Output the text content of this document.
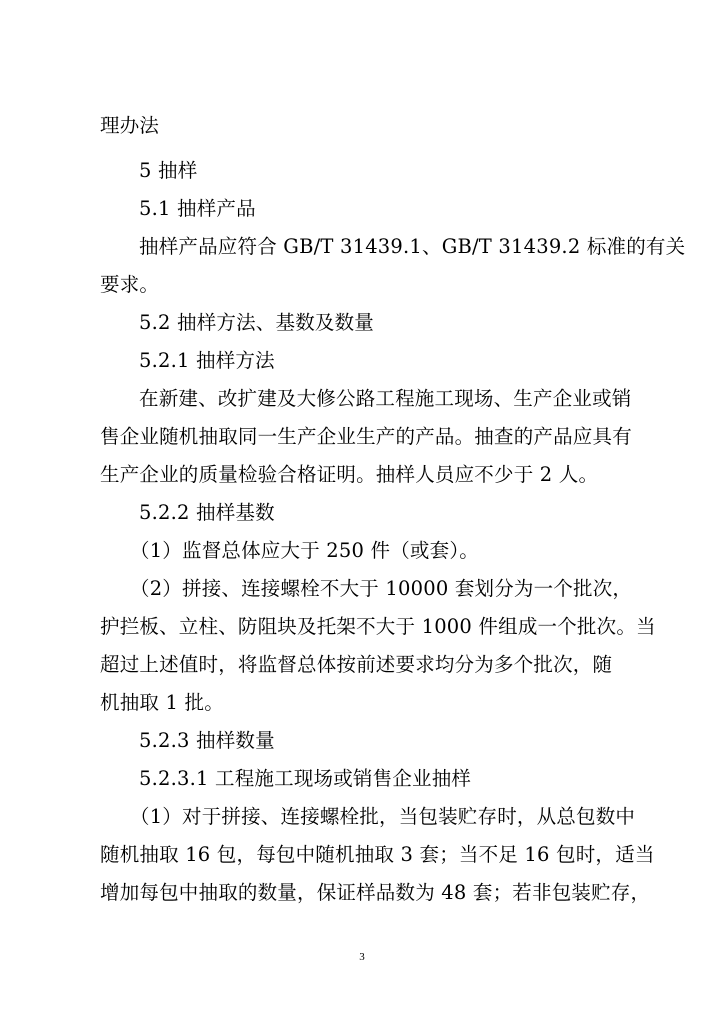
理办法
5 抽样
5.1 抽样产品
抽样产品应符合 GB/T 31439.1、GB/T 31439.2 标准的有关
要求。
5.2 抽样方法、基数及数量
5.2.1 抽样方法
在新建、改扩建及大修公路工程施工现场、生产企业或销
售企业随机抽取同一生产企业生产的产品。抽查的产品应具有
生产企业的质量检验合格证明。抽样人员应不少于 2 人。
5.2.2 抽样基数
（1）监督总体应大于 250 件（或套）。
（2）拼接、连接螺栓不大于 10000 套划分为一个批次，
护拦板、立柱、防阻块及托架不大于 1000 件组成一个批次。当
超过上述值时，将监督总体按前述要求均分为多个批次，随
机抽取 1 批。
5.2.3 抽样数量
5.2.3.1 工程施工现场或销售企业抽样
（1）对于拼接、连接螺栓批，当包装贮存时，从总包数中
随机抽取 16 包，每包中随机抽取 3 套；当不足 16 包时，适当
增加每包中抽取的数量，保证样品数为 48 套；若非包装贮存，
3
